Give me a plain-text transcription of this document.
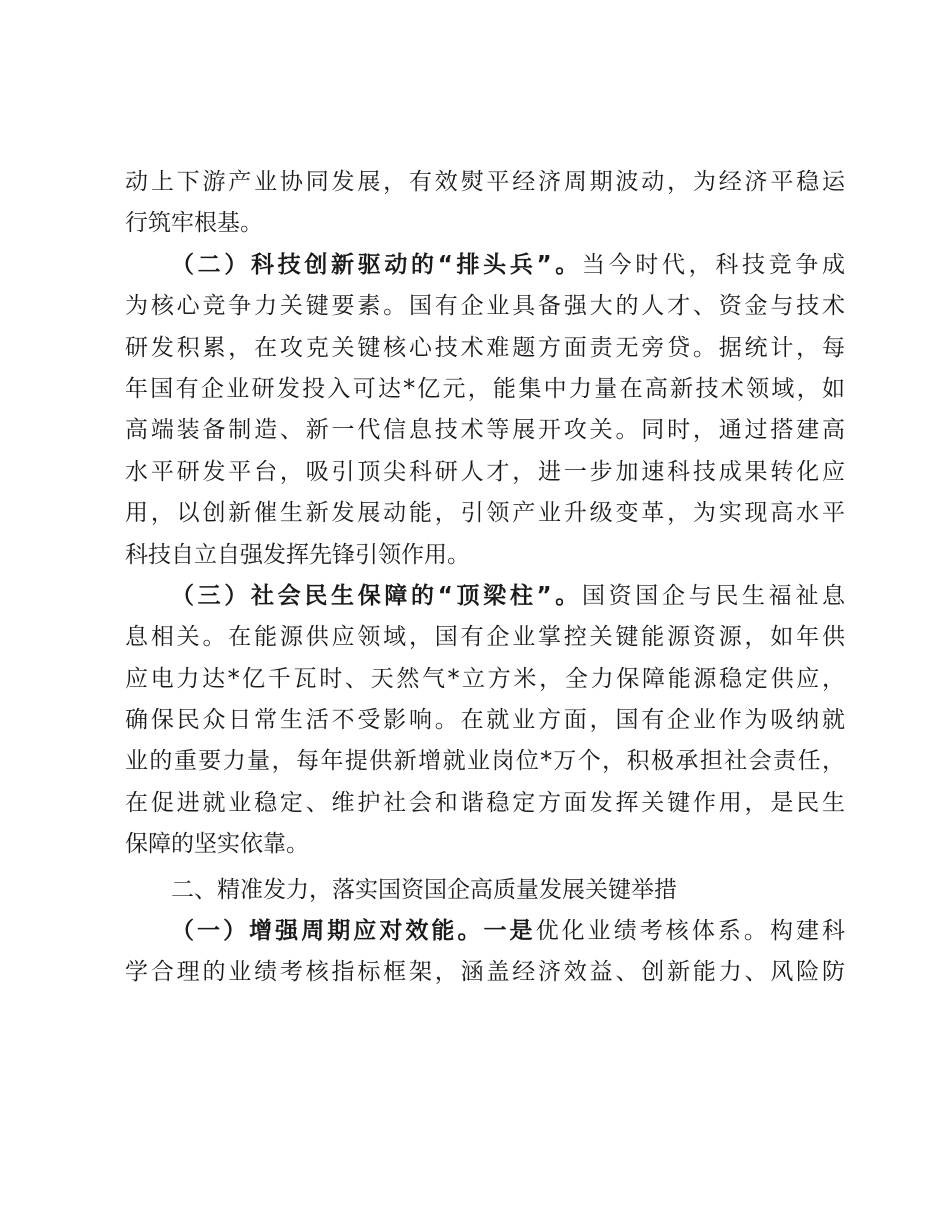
动上下游产业协同发展，有效熨平经济周期波动，为经济平稳运
行筑牢根基。
（二）科技创新驱动的“排头兵”。当今时代，科技竞争成
为核心竞争力关键要素。国有企业具备强大的人才、资金与技术
研发积累，在攻克关键核心技术难题方面责无旁贷。据统计，每
年国有企业研发投入可达*亿元，能集中力量在高新技术领域，如
高端装备制造、新一代信息技术等展开攻关。同时，通过搭建高
水平研发平台，吸引顶尖科研人才，进一步加速科技成果转化应
用，以创新催生新发展动能，引领产业升级变革，为实现高水平
科技自立自强发挥先锋引领作用。
（三）社会民生保障的“顶梁柱”。国资国企与民生福祉息
息相关。在能源供应领域，国有企业掌控关键能源资源，如年供
应电力达*亿千瓦时、天然气*立方米，全力保障能源稳定供应，
确保民众日常生活不受影响。在就业方面，国有企业作为吸纳就
业的重要力量，每年提供新增就业岗位*万个，积极承担社会责任，
在促进就业稳定、维护社会和谐稳定方面发挥关键作用，是民生
保障的坚实依靠。
二、精准发力，落实国资国企高质量发展关键举措
（一）增强周期应对效能。一是优化业绩考核体系。构建科
学合理的业绩考核指标框架，涵盖经济效益、创新能力、风险防
